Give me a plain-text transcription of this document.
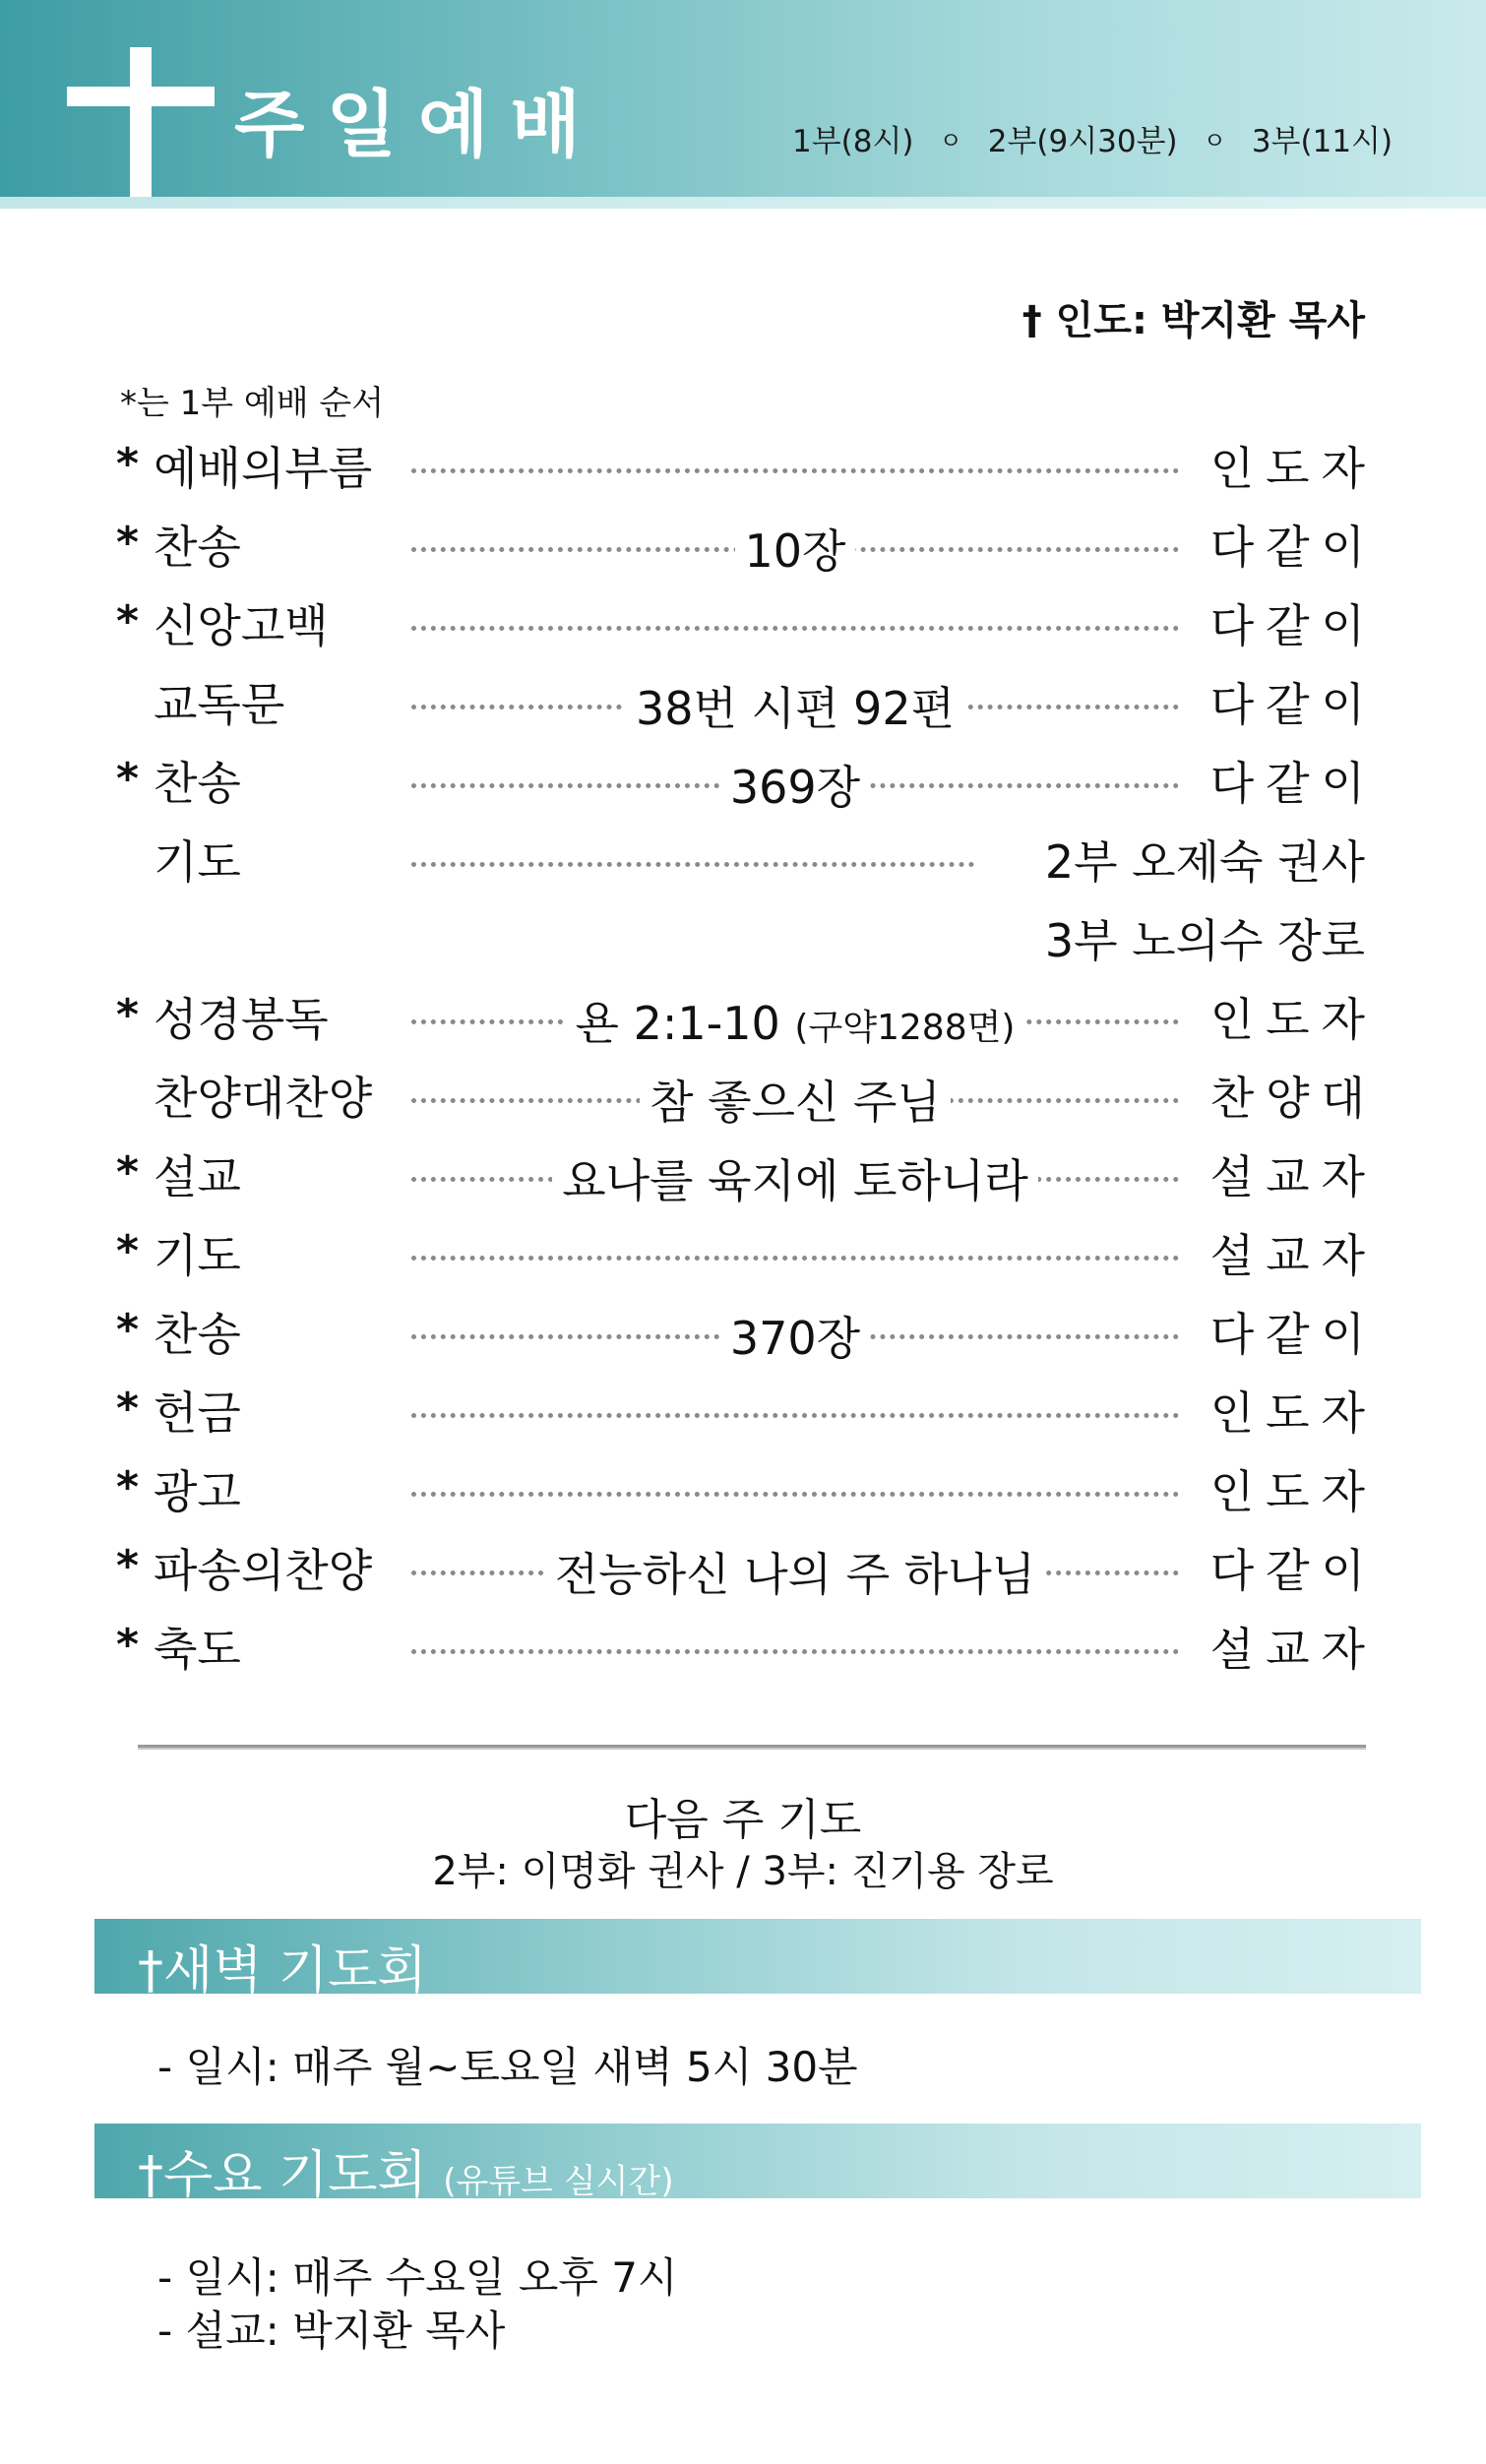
주일예배	1부(8시) ㅇ 2부(9시30분) ㅇ 3부(11시)
† 인도: 박지환 목사
*는 1부 예배 순서
* 예배의부름	인도자
* 찬송	10장	다같이
* 신앙고백	다같이
교독문	38번 시편 92편	다같이
* 찬송	369장	다같이
기도	2부 오제숙 권사
3부 노의수 장로
* 성경봉독	욘 2:1-10 (구약1288면)	인도자
찬양대찬양	참 좋으신 주님	찬양대
* 설교	요나를 육지에 토하니라	설교자
* 기도	설교자
* 찬송	370장	다같이
* 헌금	인도자
* 광고	인도자
* 파송의찬양	전능하신 나의 주 하나님	다같이
* 축도	설교자
다음 주 기도
2부: 이명화 권사 / 3부: 진기용 장로
†새벽 기도회
- 일시: 매주 월~토요일 새벽 5시 30분
†수요 기도회 (유튜브 실시간)
- 일시: 매주 수요일 오후 7시
- 설교: 박지환 목사
